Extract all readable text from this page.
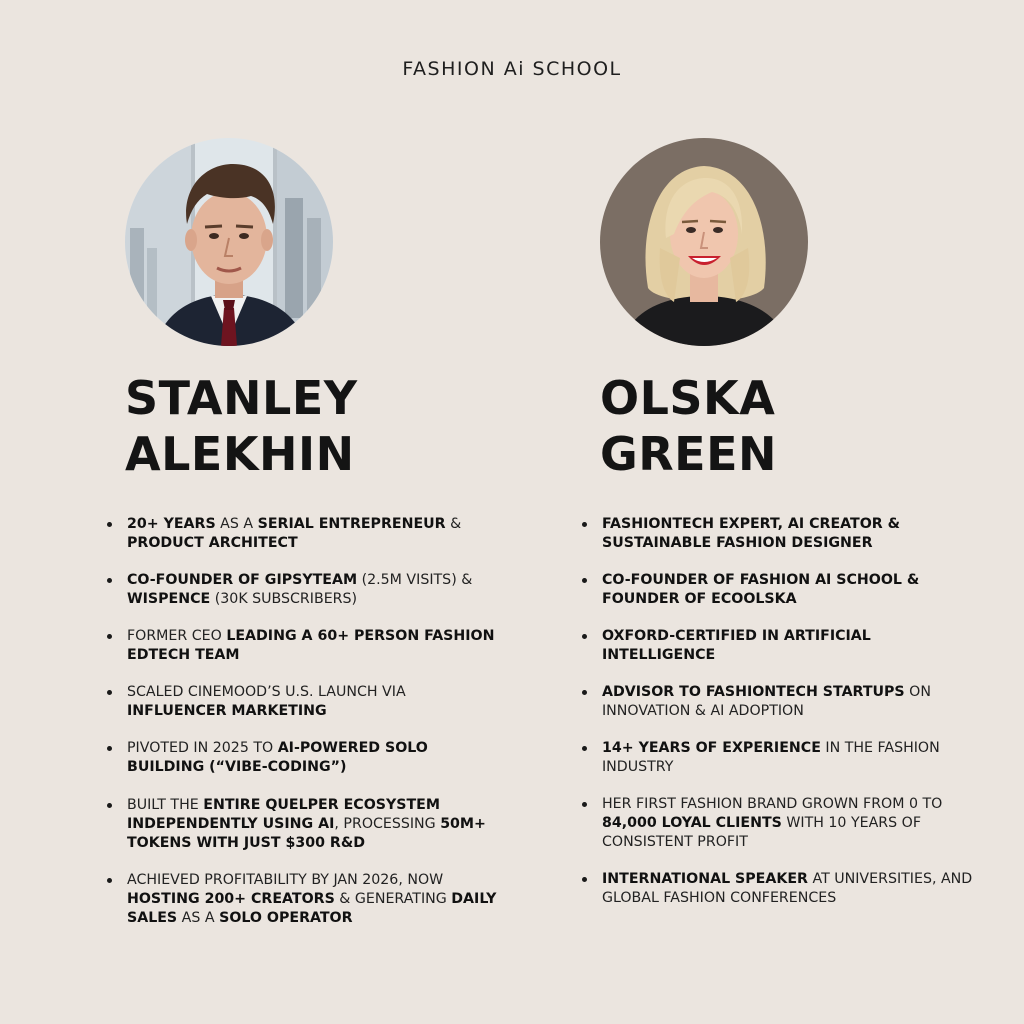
FASHION Ai SCHOOL
STANLEY
ALEKHIN
20+ YEARS AS A SERIAL ENTREPRENEUR & PRODUCT ARCHITECT
CO-FOUNDER OF GIPSYTEAM (2.5M VISITS) & WISPENCE (30K SUBSCRIBERS)
FORMER CEO LEADING A 60+ PERSON FASHION EDTECH TEAM
SCALED CINEMOOD’S U.S. LAUNCH VIA INFLUENCER MARKETING
PIVOTED IN 2025 TO AI-POWERED SOLO BUILDING (“VIBE-CODING”)
BUILT THE ENTIRE QUELPER ECOSYSTEM INDEPENDENTLY USING AI, PROCESSING 50M+ TOKENS WITH JUST $300 R&D
ACHIEVED PROFITABILITY BY JAN 2026, NOW HOSTING 200+ CREATORS & GENERATING DAILY SALES AS A SOLO OPERATOR
OLSKA
GREEN
FASHIONTECH EXPERT, AI CREATOR & SUSTAINABLE FASHION DESIGNER
CO-FOUNDER OF FASHION AI SCHOOL & FOUNDER OF ECOOLSKA
OXFORD-CERTIFIED IN ARTIFICIAL INTELLIGENCE
ADVISOR TO FASHIONTECH STARTUPS ON INNOVATION & AI ADOPTION
14+ YEARS OF EXPERIENCE IN THE FASHION INDUSTRY
HER FIRST FASHION BRAND GROWN FROM 0 TO 84,000 LOYAL CLIENTS WITH 10 YEARS OF CONSISTENT PROFIT
INTERNATIONAL SPEAKER AT UNIVERSITIES, AND GLOBAL FASHION CONFERENCES
